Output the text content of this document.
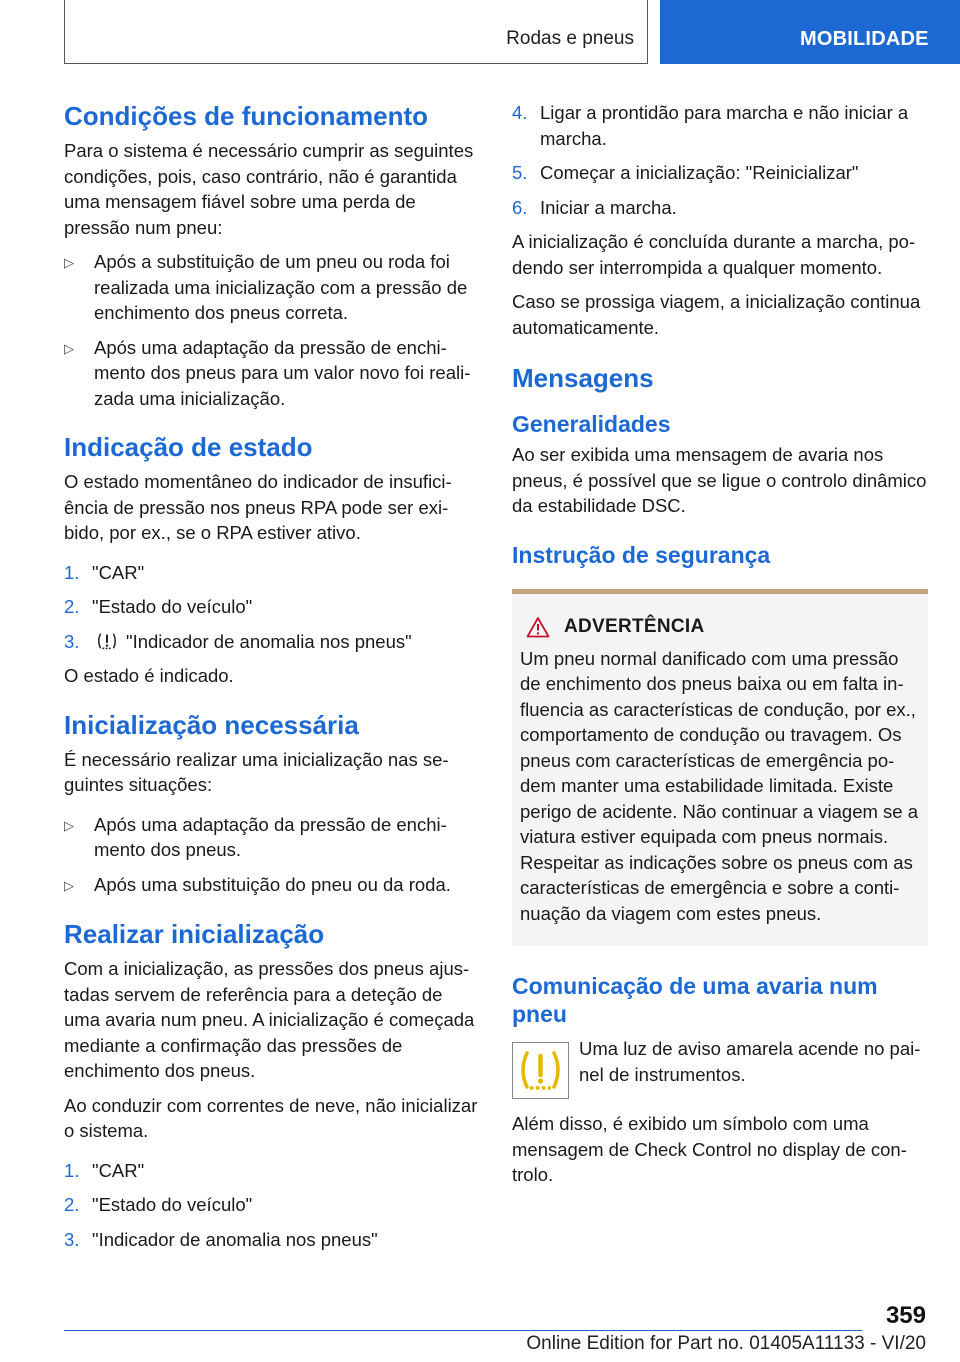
Rodas e pneus	MOBILIDADE
Condições de funcionamento

Para o sistema é necessário cumprir as seguintes condições, pois, caso contrário, não é garantida uma mensagem fiável sobre uma perda de pressão num pneu:

▷	Após a substituição de um pneu ou roda foi realizada uma inicialização com a pressão de enchimento dos pneus correta.
▷	Após uma adaptação da pressão de enchimento dos pneus para um valor novo foi realizada uma inicialização.
Indicação de estado

O estado momentâneo do indicador de insuficiência de pressão nos pneus RPA pode ser exibido, por ex., se o RPA estiver ativo.

1. "CAR"
2. "Estado do veículo"
3.	"Indicador de anomalia nos pneus"

O estado é indicado.

Inicialização necessária

É necessário realizar uma inicialização nas seguintes situações:

▷	Após uma adaptação da pressão de enchimento dos pneus.
▷	Após uma substituição do pneu ou da roda.
Realizar inicialização

Com a inicialização, as pressões dos pneus ajustadas servem de referência para a deteção de uma avaria num pneu. A inicialização é começada mediante a confirmação das pressões de enchimento dos pneus.

Ao conduzir com correntes de neve, não inicializar o sistema.

1. "CAR"
2. "Estado do veículo"
3. "Indicador de anomalia nos pneus"
4. Ligar a prontidão para marcha e não iniciar a marcha.
5. Começar a inicialização: "Reinicializar"
6. Iniciar a marcha.

A inicialização é concluída durante a marcha, podendo ser interrompida a qualquer momento.

Caso se prossiga viagem, a inicialização continua automaticamente.

Mensagens
Generalidades

Ao ser exibida uma mensagem de avaria nos pneus, é possível que se ligue o controlo dinâmico da estabilidade DSC.

Instrução de segurança
ADVERTÊNCIA

Um pneu normal danificado com uma pressão de enchimento dos pneus baixa ou em falta influencia as características de condução, por ex., comportamento de condução ou travagem. Os pneus com características de emergência podem manter uma estabilidade limitada. Existe perigo de acidente. Não continuar a viagem se a viatura estiver equipada com pneus normais. Respeitar as indicações sobre os pneus com as características de emergência e sobre a continuação da viagem com estes pneus.

Comunicação de uma avaria num pneu

Uma luz de aviso amarela acende no painel de instrumentos.

Além disso, é exibido um símbolo com uma mensagem de Check Control no display de controlo.

359
Online Edition for Part no. 01405A11133 - VI/20
